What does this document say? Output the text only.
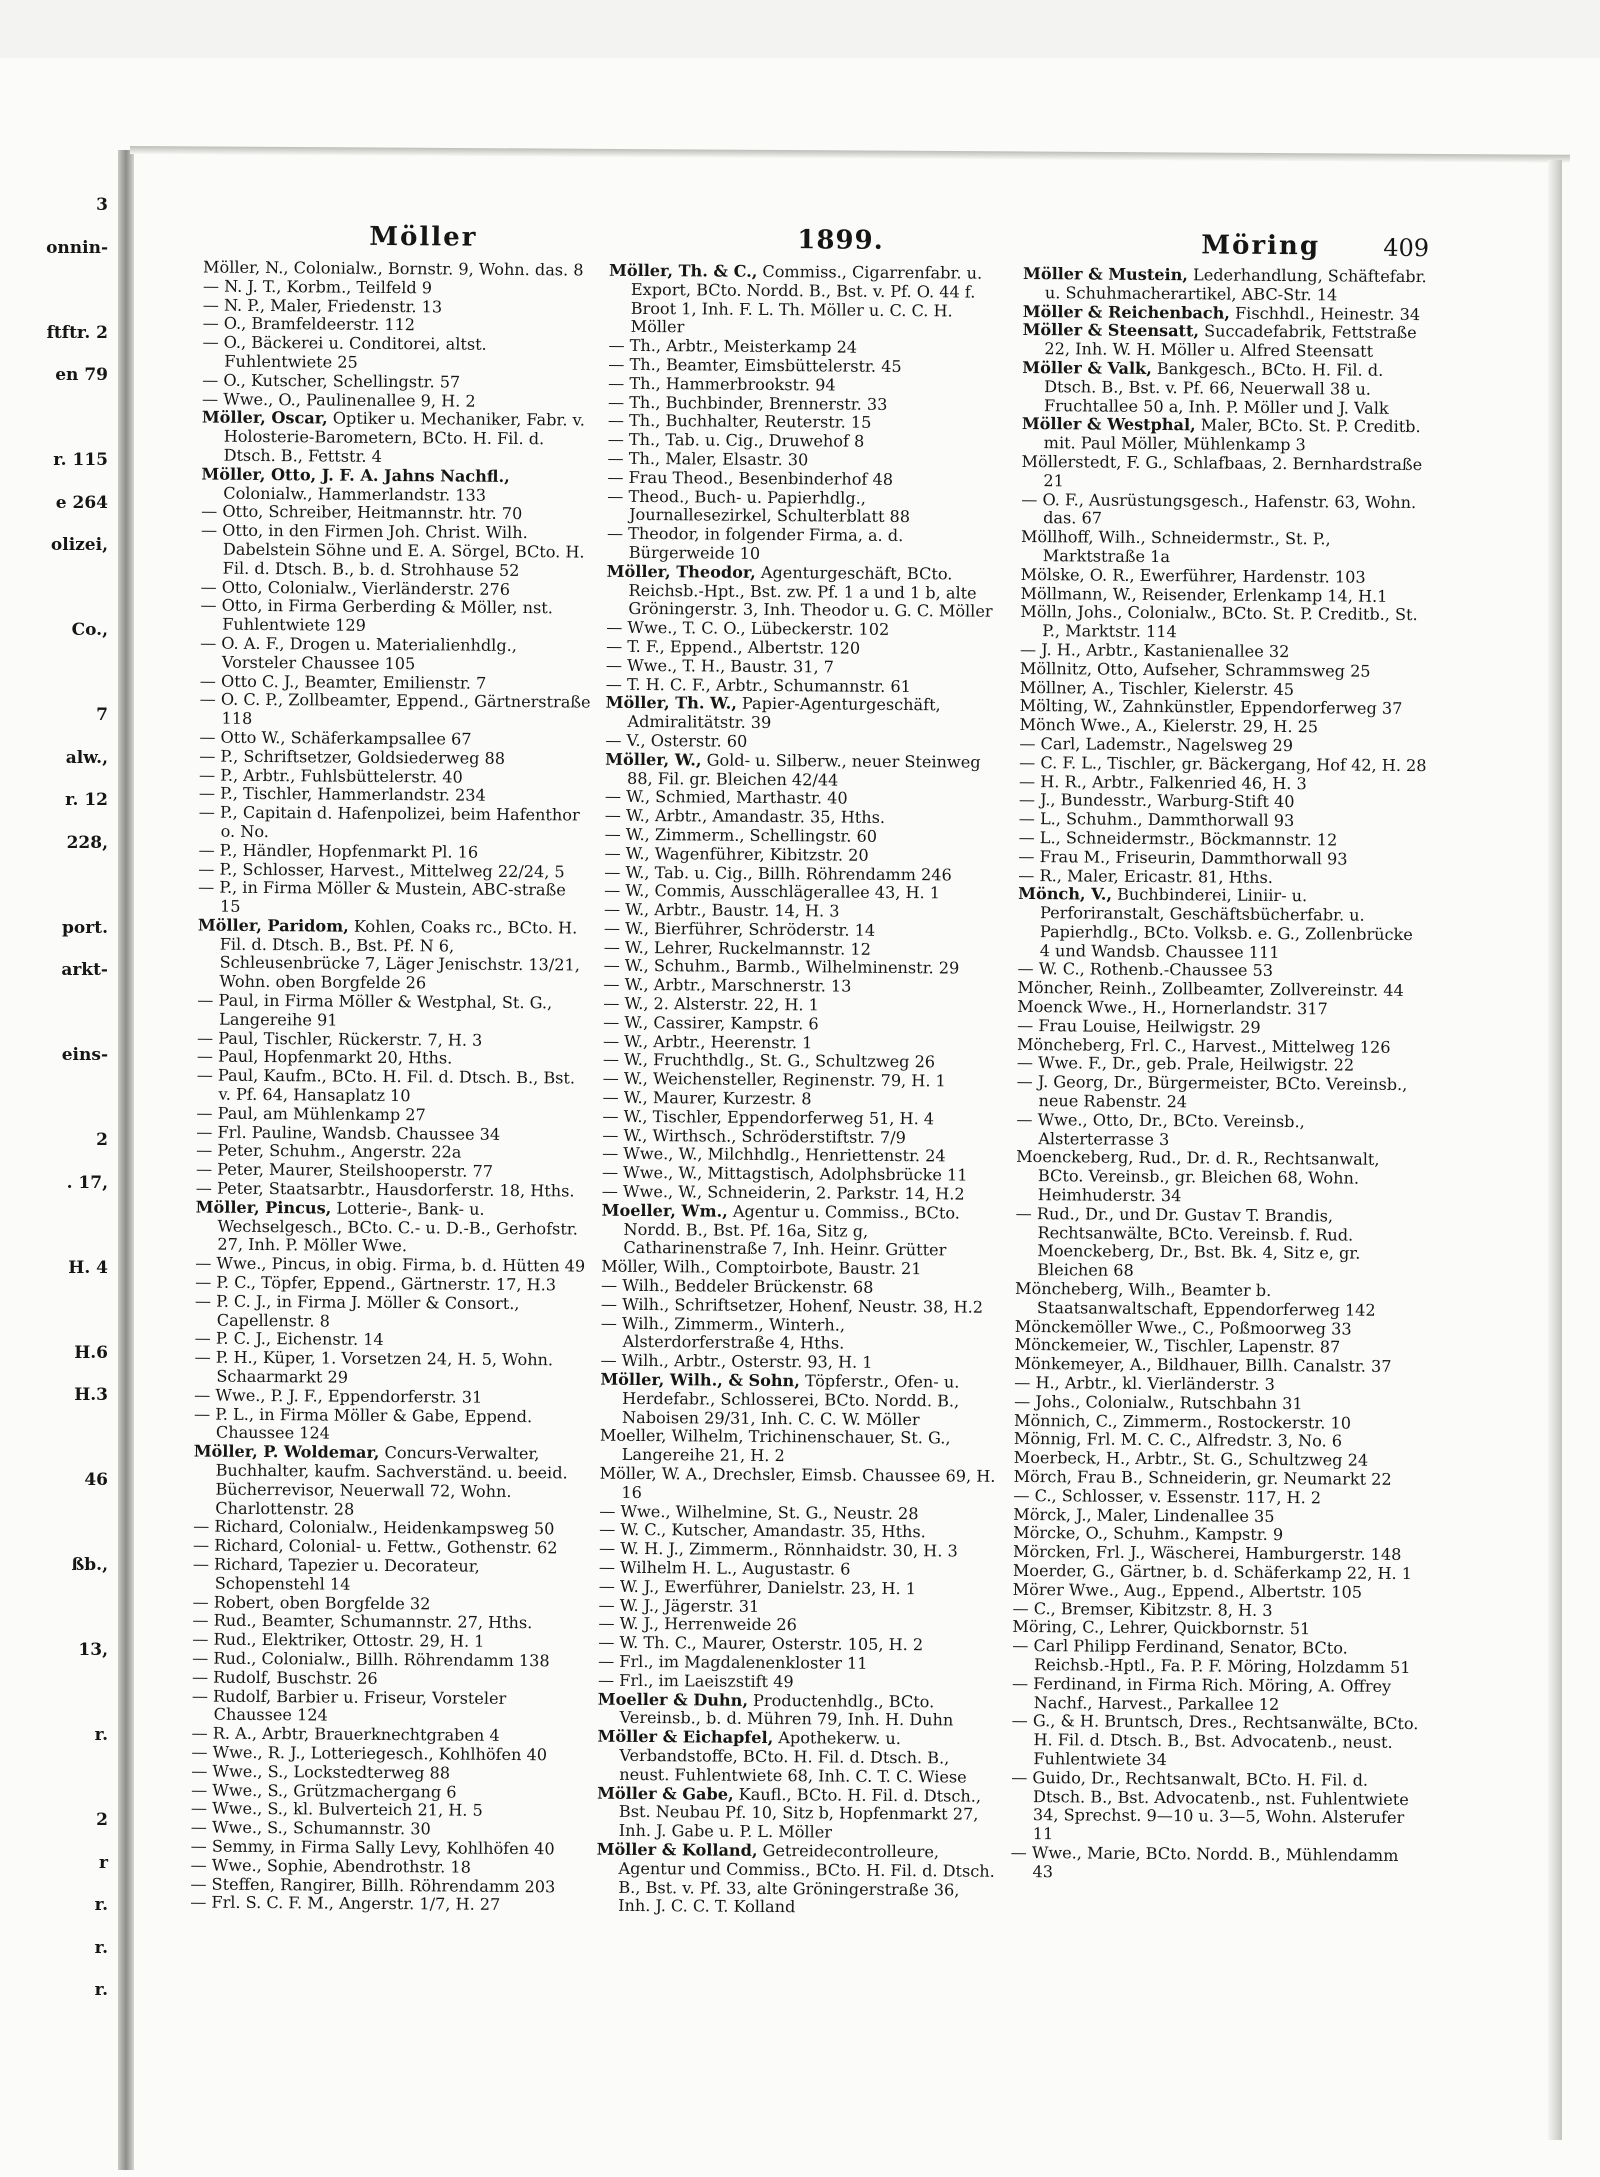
3
onnin-
ftftr. 2
en 79
r. 115
e 264
olizei,
Co.,
7
alw.,
r. 12
228,
port.
arkt-
eins-
2
. 17,
H. 4
H.6
H.3
46
ßb.,
13,
r.
2
r
r.
r.
r.
Möller	1899.	Möring	409

Möller, N., Colonialw., Bornstr. 9, Wohn. das. 8

— N. J. T., Korbm., Teilfeld 9

— N. P., Maler, Friedenstr. 13

— O., Bramfeldeerstr. 112

— O., Bäckerei u. Conditorei, altst. Fuhlentwiete 25

— O., Kutscher, Schellingstr. 57

— Wwe., O., Paulinenallee 9, H. 2

Möller, Oscar, Optiker u. Mechaniker, Fabr. v. Holosterie-Barometern, BCto. H. Fil. d. Dtsch. B., Fettstr. 4

Möller, Otto, J. F. A. Jahns Nachfl., Colonialw., Hammerlandstr. 133

— Otto, Schreiber, Heitmannstr. htr. 70

— Otto, in den Firmen Joh. Christ. Wilh. Dabelstein Söhne und E. A. Sörgel, BCto. H. Fil. d. Dtsch. B., b. d. Strohhause 52

— Otto, Colonialw., Vierländerstr. 276

— Otto, in Firma Gerberding & Möller, nst. Fuhlentwiete 129

— O. A. F., Drogen u. Materialienhdlg., Vorsteler Chaussee 105

— Otto C. J., Beamter, Emilienstr. 7

— O. C. P., Zollbeamter, Eppend., Gärtnerstraße 118

— Otto W., Schäferkampsallee 67

— P., Schriftsetzer, Goldsiederweg 88

— P., Arbtr., Fuhlsbüttelerstr. 40

— P., Tischler, Hammerlandstr. 234

— P., Capitain d. Hafenpolizei, beim Hafenthor o. No.

— P., Händler, Hopfenmarkt Pl. 16

— P., Schlosser, Harvest., Mittelweg 22/24, 5

— P., in Firma Möller & Mustein, ABC-straße 15

Möller, Paridom, Kohlen, Coaks rc., BCto. H. Fil. d. Dtsch. B., Bst. Pf. N 6, Schleusenbrücke 7, Läger Jenischstr. 13/21, Wohn. oben Borgfelde 26

— Paul, in Firma Möller & Westphal, St. G., Langereihe 91

— Paul, Tischler, Rückerstr. 7, H. 3

— Paul, Hopfenmarkt 20, Hths.

— Paul, Kaufm., BCto. H. Fil. d. Dtsch. B., Bst. v. Pf. 64, Hansaplatz 10

— Paul, am Mühlenkamp 27

— Frl. Pauline, Wandsb. Chaussee 34

— Peter, Schuhm., Angerstr. 22a

— Peter, Maurer, Steilshooperstr. 77

— Peter, Staatsarbtr., Hausdorferstr. 18, Hths.

Möller, Pincus, Lotterie-, Bank- u. Wechselgesch., BCto. C.- u. D.-B., Gerhofstr. 27, Inh. P. Möller Wwe.

— Wwe., Pincus, in obig. Firma, b. d. Hütten 49

— P. C., Töpfer, Eppend., Gärtnerstr. 17, H.3

— P. C. J., in Firma J. Möller & Consort., Capellenstr. 8

— P. C. J., Eichenstr. 14

— P. H., Küper, 1. Vorsetzen 24, H. 5, Wohn. Schaarmarkt 29

— Wwe., P. J. F., Eppendorferstr. 31

— P. L., in Firma Möller & Gabe, Eppend. Chaussee 124

Möller, P. Woldemar, Concurs-Verwalter, Buchhalter, kaufm. Sachverständ. u. beeid. Bücherrevisor, Neuerwall 72, Wohn. Charlottenstr. 28

— Richard, Colonialw., Heidenkampsweg 50

— Richard, Colonial- u. Fettw., Gothenstr. 62

— Richard, Tapezier u. Decorateur, Schopenstehl 14

— Robert, oben Borgfelde 32

— Rud., Beamter, Schumannstr. 27, Hths.

— Rud., Elektriker, Ottostr. 29, H. 1

— Rud., Colonialw., Billh. Röhrendamm 138

— Rudolf, Buschstr. 26

— Rudolf, Barbier u. Friseur, Vorsteler Chaussee 124

— R. A., Arbtr, Brauerknechtgraben 4

— Wwe., R. J., Lotteriegesch., Kohlhöfen 40

— Wwe., S., Lockstedterweg 88

— Wwe., S., Grützmachergang 6

— Wwe., S., kl. Bulverteich 21, H. 5

— Wwe., S., Schumannstr. 30

— Semmy, in Firma Sally Levy, Kohlhöfen 40

— Wwe., Sophie, Abendrothstr. 18

— Steffen, Rangirer, Billh. Röhrendamm 203

— Frl. S. C. F. M., Angerstr. 1/7, H. 27

Möller, Th. & C., Commiss., Cigarrenfabr. u. Export, BCto. Nordd. B., Bst. v. Pf. O. 44 f. Broot 1, Inh. F. L. Th. Möller u. C. C. H. Möller

— Th., Arbtr., Meisterkamp 24

— Th., Beamter, Eimsbüttelerstr. 45

— Th., Hammerbrookstr. 94

— Th., Buchbinder, Brennerstr. 33

— Th., Buchhalter, Reuterstr. 15

— Th., Tab. u. Cig., Druwehof 8

— Th., Maler, Elsastr. 30

— Frau Theod., Besenbinderhof 48

— Theod., Buch- u. Papierhdlg., Journallesezirkel, Schulterblatt 88

— Theodor, in folgender Firma, a. d. Bürgerweide 10

Möller, Theodor, Agenturgeschäft, BCto. Reichsb.-Hpt., Bst. zw. Pf. 1 a und 1 b, alte Gröningerstr. 3, Inh. Theodor u. G. C. Möller

— Wwe., T. C. O., Lübeckerstr. 102

— T. F., Eppend., Albertstr. 120

— Wwe., T. H., Baustr. 31, 7

— T. H. C. F., Arbtr., Schumannstr. 61

Möller, Th. W., Papier-Agenturgeschäft, Admiralitätstr. 39

— V., Osterstr. 60

Möller, W., Gold- u. Silberw., neuer Steinweg 88, Fil. gr. Bleichen 42/44

— W., Schmied, Marthastr. 40

— W., Arbtr., Amandastr. 35, Hths.

— W., Zimmerm., Schellingstr. 60

— W., Wagenführer, Kibitzstr. 20

— W., Tab. u. Cig., Billh. Röhrendamm 246

— W., Commis, Ausschlägerallee 43, H. 1

— W., Arbtr., Baustr. 14, H. 3

— W., Bierführer, Schröderstr. 14

— W., Lehrer, Ruckelmannstr. 12

— W., Schuhm., Barmb., Wilhelminenstr. 29

— W., Arbtr., Marschnerstr. 13

— W., 2. Alsterstr. 22, H. 1

— W., Cassirer, Kampstr. 6

— W., Arbtr., Heerenstr. 1

— W., Fruchthdlg., St. G., Schultzweg 26

— W., Weichensteller, Reginenstr. 79, H. 1

— W., Maurer, Kurzestr. 8

— W., Tischler, Eppendorferweg 51, H. 4

— W., Wirthsch., Schröderstiftstr. 7/9

— Wwe., W., Milchhdlg., Henriettenstr. 24

— Wwe., W., Mittagstisch, Adolphsbrücke 11

— Wwe., W., Schneiderin, 2. Parkstr. 14, H.2

Moeller, Wm., Agentur u. Commiss., BCto. Nordd. B., Bst. Pf. 16a, Sitz g, Catharinenstraße 7, Inh. Heinr. Grütter

Möller, Wilh., Comptoirbote, Baustr. 21

— Wilh., Beddeler Brückenstr. 68

— Wilh., Schriftsetzer, Hohenf, Neustr. 38, H.2

— Wilh., Zimmerm., Winterh., Alsterdorferstraße 4, Hths.

— Wilh., Arbtr., Osterstr. 93, H. 1

Möller, Wilh., & Sohn, Töpferstr., Ofen- u. Herdefabr., Schlosserei, BCto. Nordd. B., Naboisen 29/31, Inh. C. C. W. Möller

Moeller, Wilhelm, Trichinenschauer, St. G., Langereihe 21, H. 2

Möller, W. A., Drechsler, Eimsb. Chaussee 69, H. 16

— Wwe., Wilhelmine, St. G., Neustr. 28

— W. C., Kutscher, Amandastr. 35, Hths.

— W. H. J., Zimmerm., Rönnhaidstr. 30, H. 3

— Wilhelm H. L., Augustastr. 6

— W. J., Ewerführer, Danielstr. 23, H. 1

— W. J., Jägerstr. 31

— W. J., Herrenweide 26

— W. Th. C., Maurer, Osterstr. 105, H. 2

— Frl., im Magdalenenkloster 11

— Frl., im Laeiszstift 49

Moeller & Duhn, Productenhdlg., BCto. Vereinsb., b. d. Mühren 79, Inh. H. Duhn

Möller & Eichapfel, Apothekerw. u. Verbandstoffe, BCto. H. Fil. d. Dtsch. B., neust. Fuhlentwiete 68, Inh. C. T. C. Wiese

Möller & Gabe, Kaufl., BCto. H. Fil. d. Dtsch., Bst. Neubau Pf. 10, Sitz b, Hopfenmarkt 27, Inh. J. Gabe u. P. L. Möller

Möller & Kolland, Getreidecontrolleure, Agentur und Commiss., BCto. H. Fil. d. Dtsch. B., Bst. v. Pf. 33, alte Gröningerstraße 36, Inh. J. C. C. T. Kolland

Möller & Mustein, Lederhandlung, Schäftefabr. u. Schuhmacherartikel, ABC-Str. 14

Möller & Reichenbach, Fischhdl., Heinestr. 34

Möller & Steensatt, Succadefabrik, Fettstraße 22, Inh. W. H. Möller u. Alfred Steensatt

Möller & Valk, Bankgesch., BCto. H. Fil. d. Dtsch. B., Bst. v. Pf. 66, Neuerwall 38 u. Fruchtallee 50 a, Inh. P. Möller und J. Valk

Möller & Westphal, Maler, BCto. St. P. Creditb. mit. Paul Möller, Mühlenkamp 3

Möllerstedt, F. G., Schlafbaas, 2. Bernhardstraße 21

— O. F., Ausrüstungsgesch., Hafenstr. 63, Wohn. das. 67

Möllhoff, Wilh., Schneidermstr., St. P., Marktstraße 1a

Mölske, O. R., Ewerführer, Hardenstr. 103

Möllmann, W., Reisender, Erlenkamp 14, H.1

Mölln, Johs., Colonialw., BCto. St. P. Creditb., St. P., Marktstr. 114

— J. H., Arbtr., Kastanienallee 32

Möllnitz, Otto, Aufseher, Schrammsweg 25

Möllner, A., Tischler, Kielerstr. 45

Mölting, W., Zahnkünstler, Eppendorferweg 37

Mönch Wwe., A., Kielerstr. 29, H. 25

— Carl, Lademstr., Nagelsweg 29

— C. F. L., Tischler, gr. Bäckergang, Hof 42, H. 28

— H. R., Arbtr., Falkenried 46, H. 3

— J., Bundesstr., Warburg-Stift 40

— L., Schuhm., Dammthorwall 93

— L., Schneidermstr., Böckmannstr. 12

— Frau M., Friseurin, Dammthorwall 93

— R., Maler, Ericastr. 81, Hths.

Mönch, V., Buchbinderei, Liniir- u. Perforiranstalt, Geschäftsbücherfabr. u. Papierhdlg., BCto. Volksb. e. G., Zollenbrücke 4 und Wandsb. Chaussee 111

— W. C., Rothenb.-Chaussee 53

Möncher, Reinh., Zollbeamter, Zollvereinstr. 44

Moenck Wwe., H., Hornerlandstr. 317

— Frau Louise, Heilwigstr. 29

Möncheberg, Frl. C., Harvest., Mittelweg 126

— Wwe. F., Dr., geb. Prale, Heilwigstr. 22

— J. Georg, Dr., Bürgermeister, BCto. Vereinsb., neue Rabenstr. 24

— Wwe., Otto, Dr., BCto. Vereinsb., Alsterterrasse 3

Moenckeberg, Rud., Dr. d. R., Rechtsanwalt, BCto. Vereinsb., gr. Bleichen 68, Wohn. Heimhuderstr. 34

— Rud., Dr., und Dr. Gustav T. Brandis, Rechtsanwälte, BCto. Vereinsb. f. Rud. Moenckeberg, Dr., Bst. Bk. 4, Sitz e, gr. Bleichen 68

Möncheberg, Wilh., Beamter b. Staatsanwaltschaft, Eppendorferweg 142

Mönckemöller Wwe., C., Poßmoorweg 33

Mönckemeier, W., Tischler, Lapenstr. 87

Mönkemeyer, A., Bildhauer, Billh. Canalstr. 37

— H., Arbtr., kl. Vierländerstr. 3

— Johs., Colonialw., Rutschbahn 31

Mönnich, C., Zimmerm., Rostockerstr. 10

Mönnig, Frl. M. C. C., Alfredstr. 3, No. 6

Moerbeck, H., Arbtr., St. G., Schultzweg 24

Mörch, Frau B., Schneiderin, gr. Neumarkt 22

— C., Schlosser, v. Essenstr. 117, H. 2

Mörck, J., Maler, Lindenallee 35

Mörcke, O., Schuhm., Kampstr. 9

Mörcken, Frl. J., Wäscherei, Hamburgerstr. 148

Moerder, G., Gärtner, b. d. Schäferkamp 22, H. 1

Mörer Wwe., Aug., Eppend., Albertstr. 105

— C., Bremser, Kibitzstr. 8, H. 3

Möring, C., Lehrer, Quickbornstr. 51

— Carl Philipp Ferdinand, Senator, BCto. Reichsb.-Hptl., Fa. P. F. Möring, Holzdamm 51

— Ferdinand, in Firma Rich. Möring, A. Offrey Nachf., Harvest., Parkallee 12

— G., & H. Bruntsch, Dres., Rechtsanwälte, BCto. H. Fil. d. Dtsch. B., Bst. Advocatenb., neust. Fuhlentwiete 34

— Guido, Dr., Rechtsanwalt, BCto. H. Fil. d. Dtsch. B., Bst. Advocatenb., nst. Fuhlentwiete 34, Sprechst. 9—10 u. 3—5, Wohn. Alsterufer 11

— Wwe., Marie, BCto. Nordd. B., Mühlendamm 43
